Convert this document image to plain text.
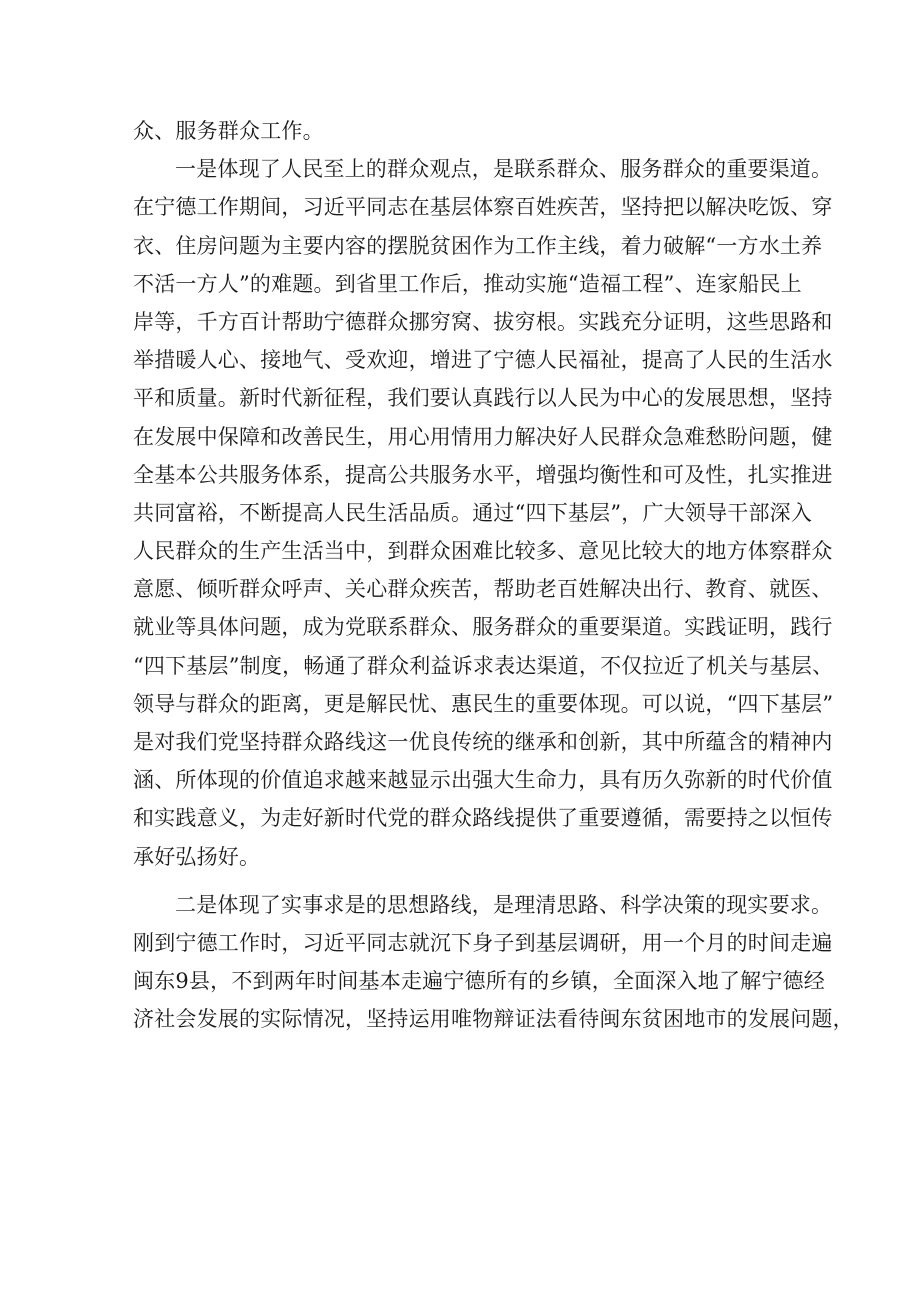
众、服务群众工作。
一是体现了人民至上的群众观点，是联系群众、服务群众的重要渠道。
在宁德工作期间，习近平同志在基层体察百姓疾苦，坚持把以解决吃饭、穿
衣、住房问题为主要内容的摆脱贫困作为工作主线，着力破解“一方水土养
不活一方人”的难题。到省里工作后，推动实施“造福工程”、连家船民上
岸等，千方百计帮助宁德群众挪穷窝、拔穷根。实践充分证明，这些思路和
举措暖人心、接地气、受欢迎，增进了宁德人民福祉，提高了人民的生活水
平和质量。新时代新征程，我们要认真践行以人民为中心的发展思想，坚持
在发展中保障和改善民生，用心用情用力解决好人民群众急难愁盼问题，健
全基本公共服务体系，提高公共服务水平，增强均衡性和可及性，扎实推进
共同富裕，不断提高人民生活品质。通过“四下基层”，广大领导干部深入
人民群众的生产生活当中，到群众困难比较多、意见比较大的地方体察群众
意愿、倾听群众呼声、关心群众疾苦，帮助老百姓解决出行、教育、就医、
就业等具体问题，成为党联系群众、服务群众的重要渠道。实践证明，践行
“四下基层”制度，畅通了群众利益诉求表达渠道，不仅拉近了机关与基层、
领导与群众的距离，更是解民忧、惠民生的重要体现。可以说，“四下基层”
是对我们党坚持群众路线这一优良传统的继承和创新，其中所蕴含的精神内
涵、所体现的价值追求越来越显示出强大生命力，具有历久弥新的时代价值
和实践意义，为走好新时代党的群众路线提供了重要遵循，需要持之以恒传
承好弘扬好。
二是体现了实事求是的思想路线，是理清思路、科学决策的现实要求。
刚到宁德工作时，习近平同志就沉下身子到基层调研，用一个月的时间走遍
闽东9县，不到两年时间基本走遍宁德所有的乡镇，全面深入地了解宁德经
济社会发展的实际情况，坚持运用唯物辩证法看待闽东贫困地市的发展问题，
